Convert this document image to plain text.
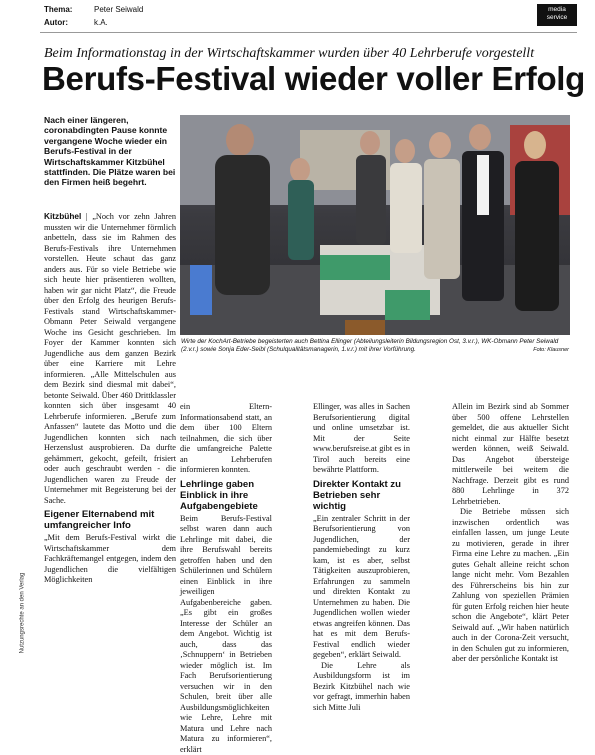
Thema:	Peter Seiwald
Autor:	k.A.
media service
Beim Informationstag in der Wirtschaftskammer wurden über 40 Lehrberufe vorgestellt
Berufs-Festival wieder voller Erfolg
Nach einer längeren, coronabdingten Pause konnte vergangene Woche wieder ein Berufs-Festival in der Wirtschaftskammer Kitzbühel stattfinden. Die Plätze waren bei den Firmen heiß begehrt.
Wirte der KochArt-Betriebe begeisterten auch Bettina Ellinger (Abteilungsleiterin Bildungsregion Ost, 3.v.r.), WK-Obmann Peter Seiwald (2.v.r.) sowie Sonja Eder-Seibl (Schulqualitätsmanagerin, 1.v.r.) mit ihrer Vorführung.	Foto: Klausner

Kitzbühel | „Noch vor zehn Jahren mussten wir die Unternehmer förmlich anbetteln, dass sie im Rahmen des Berufs-Festivals ihre Unternehmen vorstellen. Heute schaut das ganz anders aus. Für so viele Betriebe wie sich heute hier präsentieren wollten, haben wir gar nicht Platz“, die Freude über den Erfolg des heurigen Berufs-Festivals stand Wirtschaftskammer-Obmann Peter Seiwald vergangene Woche ins Gesicht geschrieben. Im Foyer der Kammer konnten sich Jugendliche aus dem ganzen Bezirk über eine Karriere mit Lehre informieren. „Alle Mittelschulen aus dem Bezirk sind diesmal mit dabei“, betonte Seiwald. Über 460 Drittklassler konnten sich über insgesamt 40 Lehrberufe informieren. „Berufe zum Anfassen“ lautete das Motto und die Jugendlichen konnten sich nach Herzenslust ausprobieren. Da durfte gehämmert, gekocht, gefeilt, frisiert oder auch geschraubt werden - die Jugendlichen waren zu Freude der Unternehmer mit Begeisterung bei der Sache.

Eigener Elternabend mit umfangreicher Info

„Mit dem Berufs-Festival wirkt die Wirtschaftskammer dem Fachkräftemangel entgegen, indem den Jugendlichen die vielfältigen Möglichkeiten

ein Eltern-Informationsabend statt, an dem über 100 Eltern teilnahmen, die sich über die umfangreiche Palette an Lehrberufen informieren konnten.

Lehrlinge gaben Einblick in ihre Aufgabengebiete

Beim Berufs-Festival selbst waren dann auch Lehrlinge mit dabei, die ihre Berufswahl bereits getroffen haben und den Schülerinnen und Schülern einen Einblick in ihre jeweiligen Aufgabenbereiche gaben. „Es gibt ein großes Interesse der Schüler an dem Angebot. Wichtig ist auch, dass das ‚Schnuppern‘ in Betrieben wieder möglich ist. Im Fach Berufsorientierung versuchen wir in den Schulen, breit über alle Ausbildungsmöglichkeiten wie Lehre, Lehre mit Matura und Lehre nach Matura zu informieren“, erklärt

Ellinger, was alles in Sachen Berufsorientierung digital und online umsetzbar ist. Mit der Seite www.berufsreise.at gibt es in Tirol auch bereits eine bewährte Plattform.

Direkter Kontakt zu Betrieben sehr wichtig

„Ein zentraler Schritt in der Berufsorientierung von Jugendlichen, der pandemiebedingt zu kurz kam, ist es aber, selbst Tätigkeiten auszuprobieren, Erfahrungen zu sammeln und direkten Kontakt zu Unternehmen zu haben. Die Jugendlichen wollen wieder etwas angreifen können. Das hat es mit dem Berufs-Festival endlich wieder gegeben“, erklärt Seiwald.

Die Lehre als Ausbildungsform ist im Bezirk Kitzbühel nach wie vor gefragt, immerhin haben sich Mitte Juli

Allein im Bezirk sind ab Sommer über 500 offene Lehrstellen gemeldet, die aus aktueller Sicht nicht einmal zur Hälfte besetzt werden können, weiß Seiwald. Das Angebot übersteige mittlerweile bei weitem die Nachfrage. Derzeit gibt es rund 880 Lehrlinge in 372 Lehrbetrieben.

Die Betriebe müssen sich inzwischen ordentlich was einfallen lassen, um junge Leute zu motivieren, gerade in ihrer Firma eine Lehre zu machen. „Ein gutes Gehalt alleine reicht schon lange nicht mehr. Vom Bezahlen des Führerscheins bis hin zur Zahlung von speziellen Prämien für guten Erfolg reichen hier heute schon die Angebote“, klärt Peter Seiwald auf. „Wir haben natürlich auch in der Corona-Zeit versucht, in den Schulen gut zu informieren, aber der persönliche Kontakt ist

Nutzungsrechte an den Verlag
